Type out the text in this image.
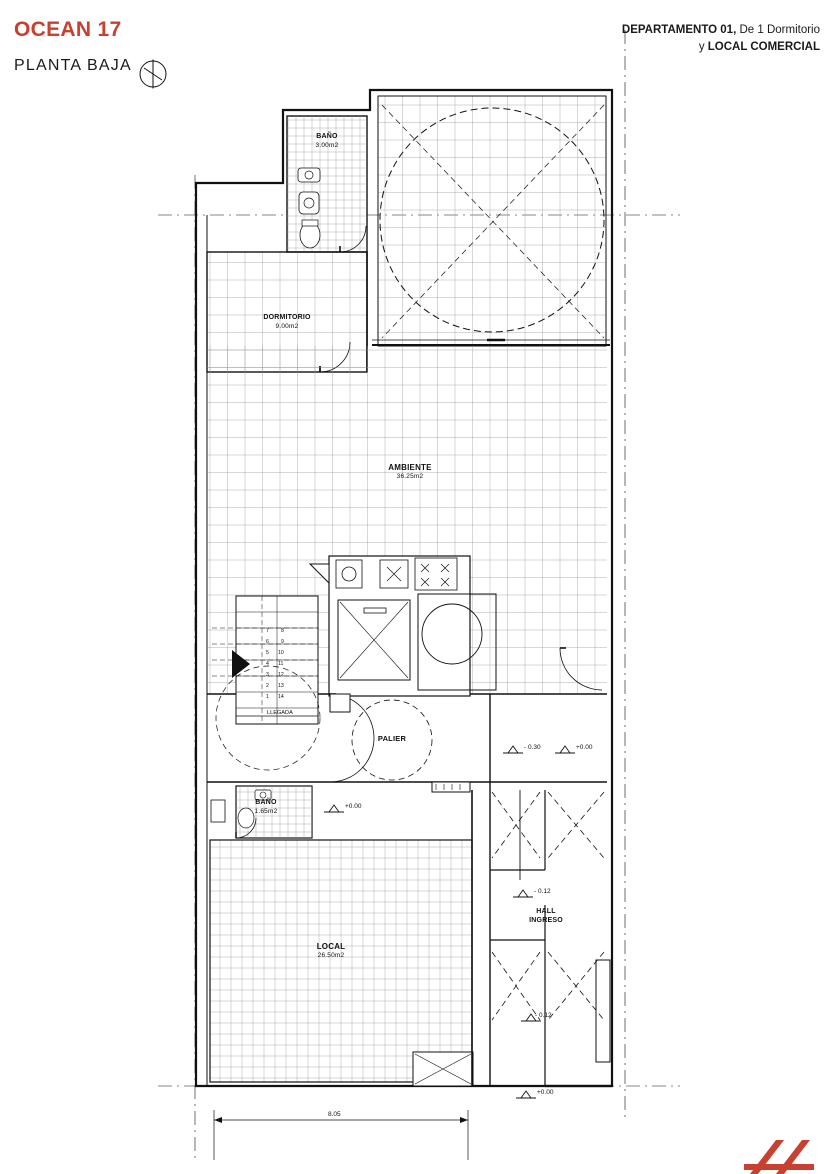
OCEAN 17
PLANTA BAJA
DEPARTAMENTO 01, De 1 Dormitorio
y LOCAL COMERCIAL
BAÑO
3.00m2
DORMITORIO
9.00m2
AMBIENTE
36.25m2
PALIER
BAÑO
1.65m2
LOCAL
26.50m2
HALL
INGRESO
- 0.30	+0.00
+0.00
- 0.12
- 0.12
+0.00
7
6
5
4
3
2
1
8
9
10
11
12
13
14
LLEGADA
8.05
